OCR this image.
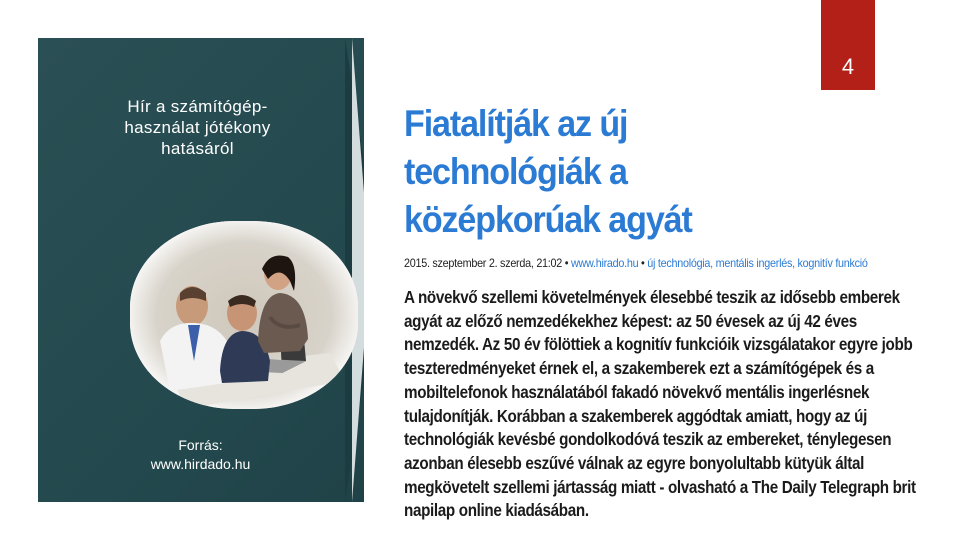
4
Hír a számítógép-használat jótékony hatásáról
Forrás:
www.hirdado.hu
Fiatalítják az új technológiák a középkorúak agyát
2015. szeptember 2. szerda, 21:02 • www.hirado.hu • új technológia, mentális ingerlés, kognitív funkció
A növekvő szellemi követelmények élesebbé teszik az idősebb emberek agyát az előző nemzedékekhez képest: az 50 évesek az új 42 éves nemzedék. Az 50 év fölöttiek a kognitív funkcióik vizsgálatakor egyre jobb teszteredményeket érnek el, a szakemberek ezt a számítógépek és a mobiltelefonok használatából fakadó növekvő mentális ingerlésnek tulajdonítják. Korábban a szakemberek aggódtak amiatt, hogy az új technológiák kevésbé gondolkodóvá teszik az embereket, ténylegesen azonban élesebb eszűvé válnak az egyre bonyolultabb kütyük által megkövetelt szellemi jártasság miatt - olvasható a The Daily Telegraph brit napilap online kiadásában.
